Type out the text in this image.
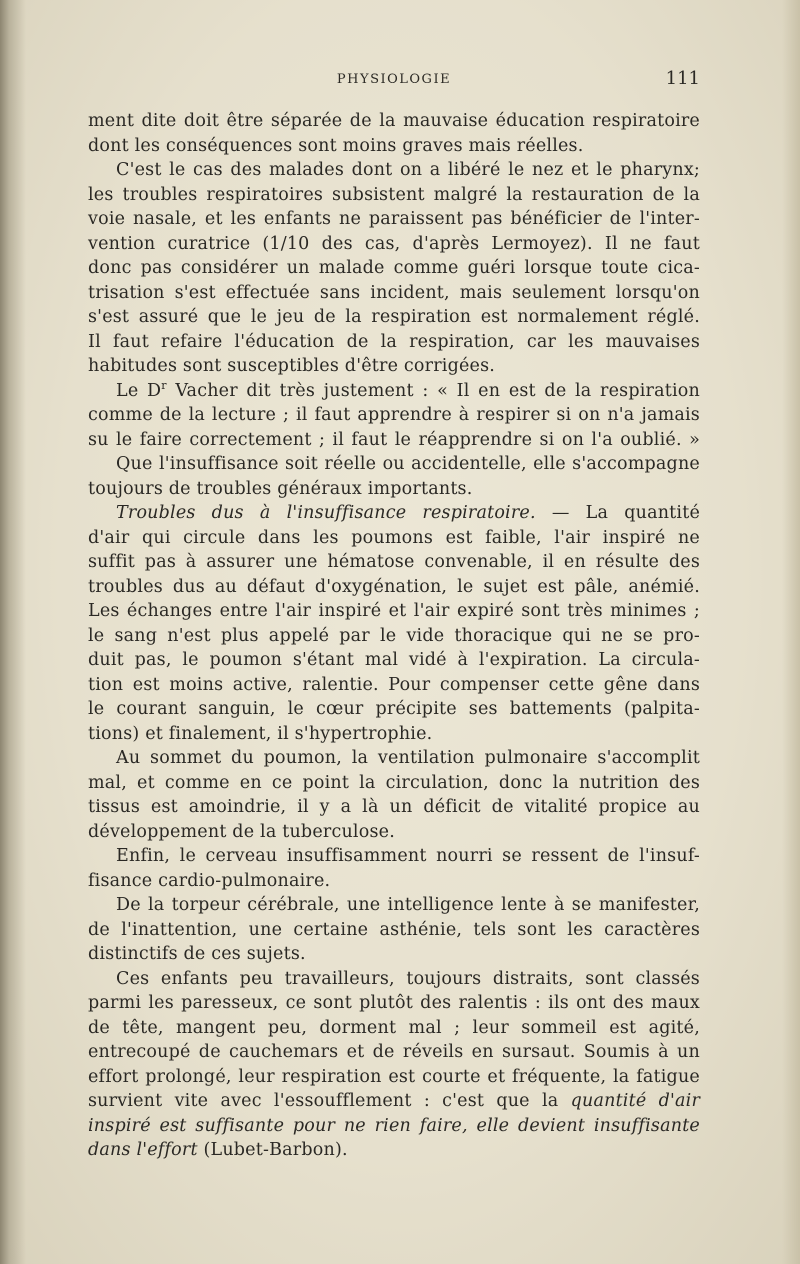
PHYSIOLOGIE	111
ment dite doit être séparée de la mauvaise éducation respiratoire
dont les conséquences sont moins graves mais réelles.
C'est le cas des malades dont on a libéré le nez et le pharynx;
les troubles respiratoires subsistent malgré la restauration de la
voie nasale, et les enfants ne paraissent pas bénéficier de l'inter-
vention curatrice (1/10 des cas, d'après Lermoyez). Il ne faut
donc pas considérer un malade comme guéri lorsque toute cica-
trisation s'est effectuée sans incident, mais seulement lorsqu'on
s'est assuré que le jeu de la respiration est normalement réglé.
Il faut refaire l'éducation de la respiration, car les mauvaises
habitudes sont susceptibles d'être corrigées.
Le $D^r$ Vacher dit très justement : « Il en est de la respiration
comme de la lecture ; il faut apprendre à respirer si on n'a jamais
su le faire correctement ; il faut le réapprendre si on l'a oublié. »
Que l'insuffisance soit réelle ou accidentelle, elle s'accompagne
toujours de troubles généraux importants.
Troubles dus à l'insuffisance respiratoire. — La quantité
d'air qui circule dans les poumons est faible, l'air inspiré ne
suffit pas à assurer une hématose convenable, il en résulte des
troubles dus au défaut d'oxygénation, le sujet est pâle, anémié.
Les échanges entre l'air inspiré et l'air expiré sont très minimes ;
le sang n'est plus appelé par le vide thoracique qui ne se pro-
duit pas, le poumon s'étant mal vidé à l'expiration. La circula-
tion est moins active, ralentie. Pour compenser cette gêne dans
le courant sanguin, le cœur précipite ses battements (palpita-
tions) et finalement, il s'hypertrophie.
Au sommet du poumon, la ventilation pulmonaire s'accomplit
mal, et comme en ce point la circulation, donc la nutrition des
tissus est amoindrie, il y a là un déficit de vitalité propice au
développement de la tuberculose.
Enfin, le cerveau insuffisamment nourri se ressent de l'insuf-
fisance cardio-pulmonaire.
De la torpeur cérébrale, une intelligence lente à se manifester,
de l'inattention, une certaine asthénie, tels sont les caractères
distinctifs de ces sujets.
Ces enfants peu travailleurs, toujours distraits, sont classés
parmi les paresseux, ce sont plutôt des ralentis : ils ont des maux
de tête, mangent peu, dorment mal ; leur sommeil est agité,
entrecoupé de cauchemars et de réveils en sursaut. Soumis à un
effort prolongé, leur respiration est courte et fréquente, la fatigue
survient vite avec l'essoufflement : c'est que la quantité d'air
inspiré est suffisante pour ne rien faire, elle devient insuffisante
dans l'effort (Lubet-Barbon).
